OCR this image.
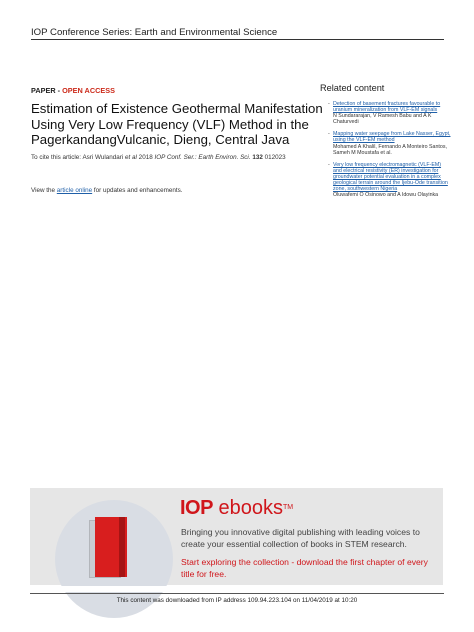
IOP Conference Series: Earth and Environmental Science
PAPER - OPEN ACCESS
Estimation of Existence Geothermal Manifestation Using Very Low Frequency (VLF) Method in the PagerkandangVulcanic, Dieng, Central Java
To cite this article: Asri Wulandari et al 2018 IOP Conf. Ser.: Earth Environ. Sci. 132 012023
View the article online for updates and enhancements.
Related content
- Detection of basement fractures favourable to uranium mineralization from VLF-EM signals
N Sundararajan, V Ramesh Babu and A K Chaturvedi
- Mapping water seepage from Lake Nasser, Egypt, using the VLF-EM method
Mohamed A Khalil, Fernando A Monteiro Santos, Sameh M Moustafa et al.
- Very low frequency electromagnetic (VLF-EM) and electrical resistivity (ER) investigation for groundwater potential evaluation in a complex geological terrain around the Ijebu-Ode transition zone, southwestern Nigeria
Oluwafemi O Osinowo and A Idowu Olayinka
IOP ebooks™
Bringing you innovative digital publishing with leading voices to create your essential collection of books in STEM research.
Start exploring the collection - download the first chapter of every title for free.
This content was downloaded from IP address 109.94.223.104 on 11/04/2019 at 10:20
